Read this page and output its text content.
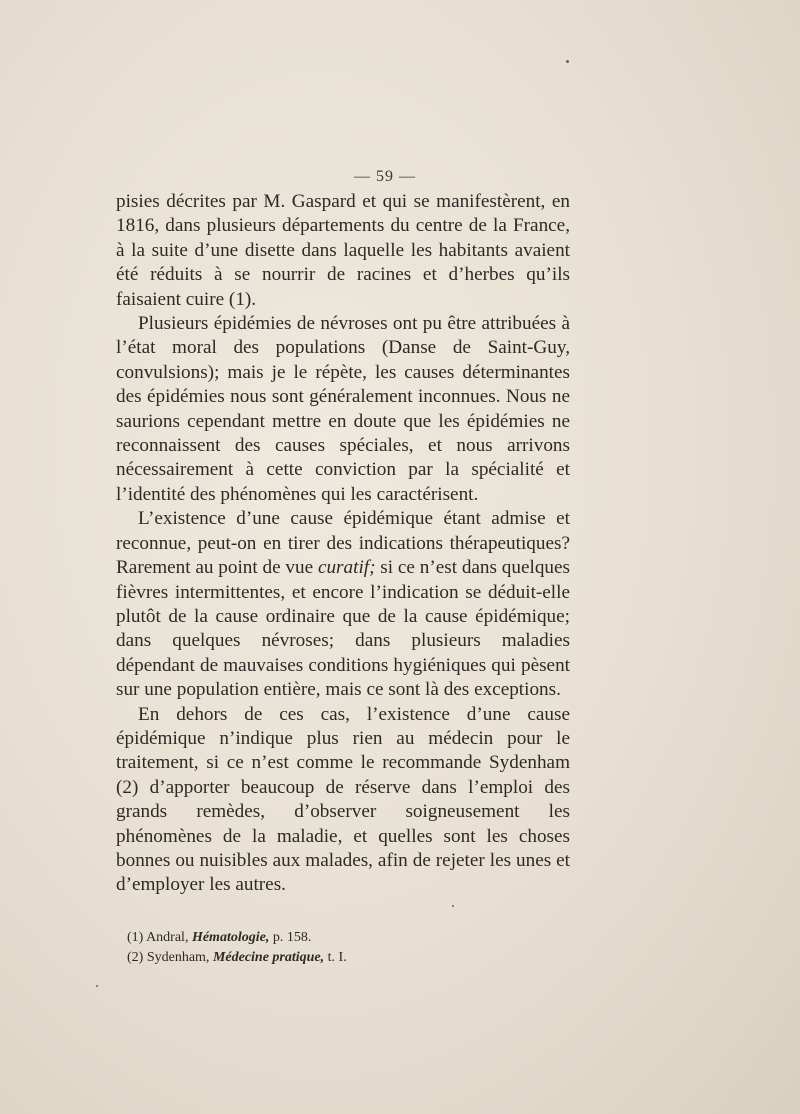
— 59 —

pisies décrites par M. Gaspard et qui se manifestèrent, en 1816, dans plusieurs départements du centre de la France, à la suite d’une disette dans laquelle les habitants avaient été réduits à se nourrir de racines et d’herbes qu’ils faisaient cuire (1).

Plusieurs épidémies de névroses ont pu être attribuées à l’état moral des populations (Danse de Saint-Guy, convulsions); mais je le répète, les causes déterminantes des épidémies nous sont généralement inconnues. Nous ne saurions cependant mettre en doute que les épidémies ne reconnaissent des causes spéciales, et nous arrivons nécessairement à cette conviction par la spécialité et l’identité des phénomènes qui les caractérisent.

L’existence d’une cause épidémique étant admise et reconnue, peut-on en tirer des indications thérapeutiques? Rarement au point de vue curatif; si ce n’est dans quelques fièvres intermittentes, et encore l’indication se déduit-elle plutôt de la cause ordinaire que de la cause épidémique; dans quelques névroses; dans plusieurs maladies dépendant de mauvaises conditions hygiéniques qui pèsent sur une population entière, mais ce sont là des exceptions.

En dehors de ces cas, l’existence d’une cause épidémique n’indique plus rien au médecin pour le traitement, si ce n’est comme le recommande Sydenham (2) d’apporter beaucoup de réserve dans l’emploi des grands remèdes, d’observer soigneusement les phénomènes de la maladie, et quelles sont les choses bonnes ou nuisibles aux malades, afin de rejeter les unes et d’employer les autres.

(1) Andral, Hématologie, p. 158.
(2) Sydenham, Médecine pratique, t. I.
